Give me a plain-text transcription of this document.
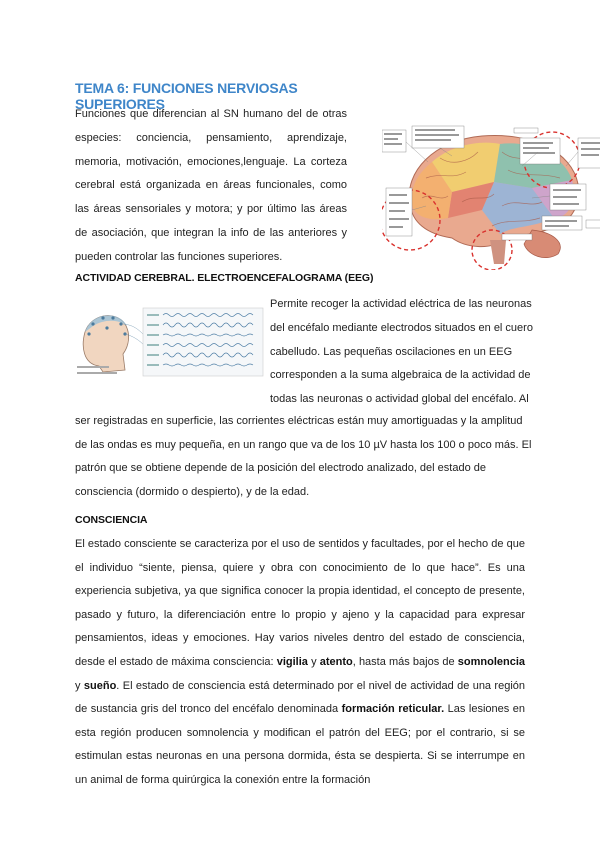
TEMA 6: FUNCIONES NERVIOSAS SUPERIORES

Funciones que diferencian al SN humano del de otras especies: conciencia, pensamiento, aprendizaje, memoria, motivación, emociones,lenguaje. La corteza cerebral está organizada en áreas funcionales, como las áreas sensoriales y motora; y por último las áreas de asociación, que integran la info de las anteriores y pueden controlar las funciones superiores.

ACTIVIDAD CEREBRAL. ELECTROENCEFALOGRAMA (EEG)

Permite recoger la actividad eléctrica de las neuronas del encéfalo mediante electrodos situados en el cuero cabelludo. Las pequeñas oscilaciones en un EEG corresponden a la suma algebraica de la actividad de todas las neuronas o actividad global del encéfalo. Al

ser registradas en superficie, las corrientes eléctricas están muy amortiguadas y la amplitud de las ondas es muy pequeña, en un rango que va de los 10 µV hasta los 100 o poco más. El patrón que se obtiene depende de la posición del electrodo analizado, del estado de consciencia (dormido o despierto), y de la edad.

CONSCIENCIA

El estado consciente se caracteriza por el uso de sentidos y facultades, por el hecho de que el individuo “siente, piensa, quiere y obra con conocimiento de lo que hace”. Es una experiencia subjetiva, ya que significa conocer la propia identidad, el concepto de presente, pasado y futuro, la diferenciación entre lo propio y ajeno y la capacidad para expresar pensamientos, ideas y emociones. Hay varios niveles dentro del estado de consciencia, desde el estado de máxima consciencia: vigilia y atento, hasta más bajos de somnolencia y sueño. El estado de consciencia está determinado por el nivel de actividad de una región de sustancia gris del tronco del encéfalo denominada formación reticular. Las lesiones en esta región producen somnolencia y modifican el patrón del EEG; por el contrario, si se estimulan estas neuronas en una persona dormida, ésta se despierta. Si se interrumpe en un animal de forma quirúrgica la conexión entre la formación
